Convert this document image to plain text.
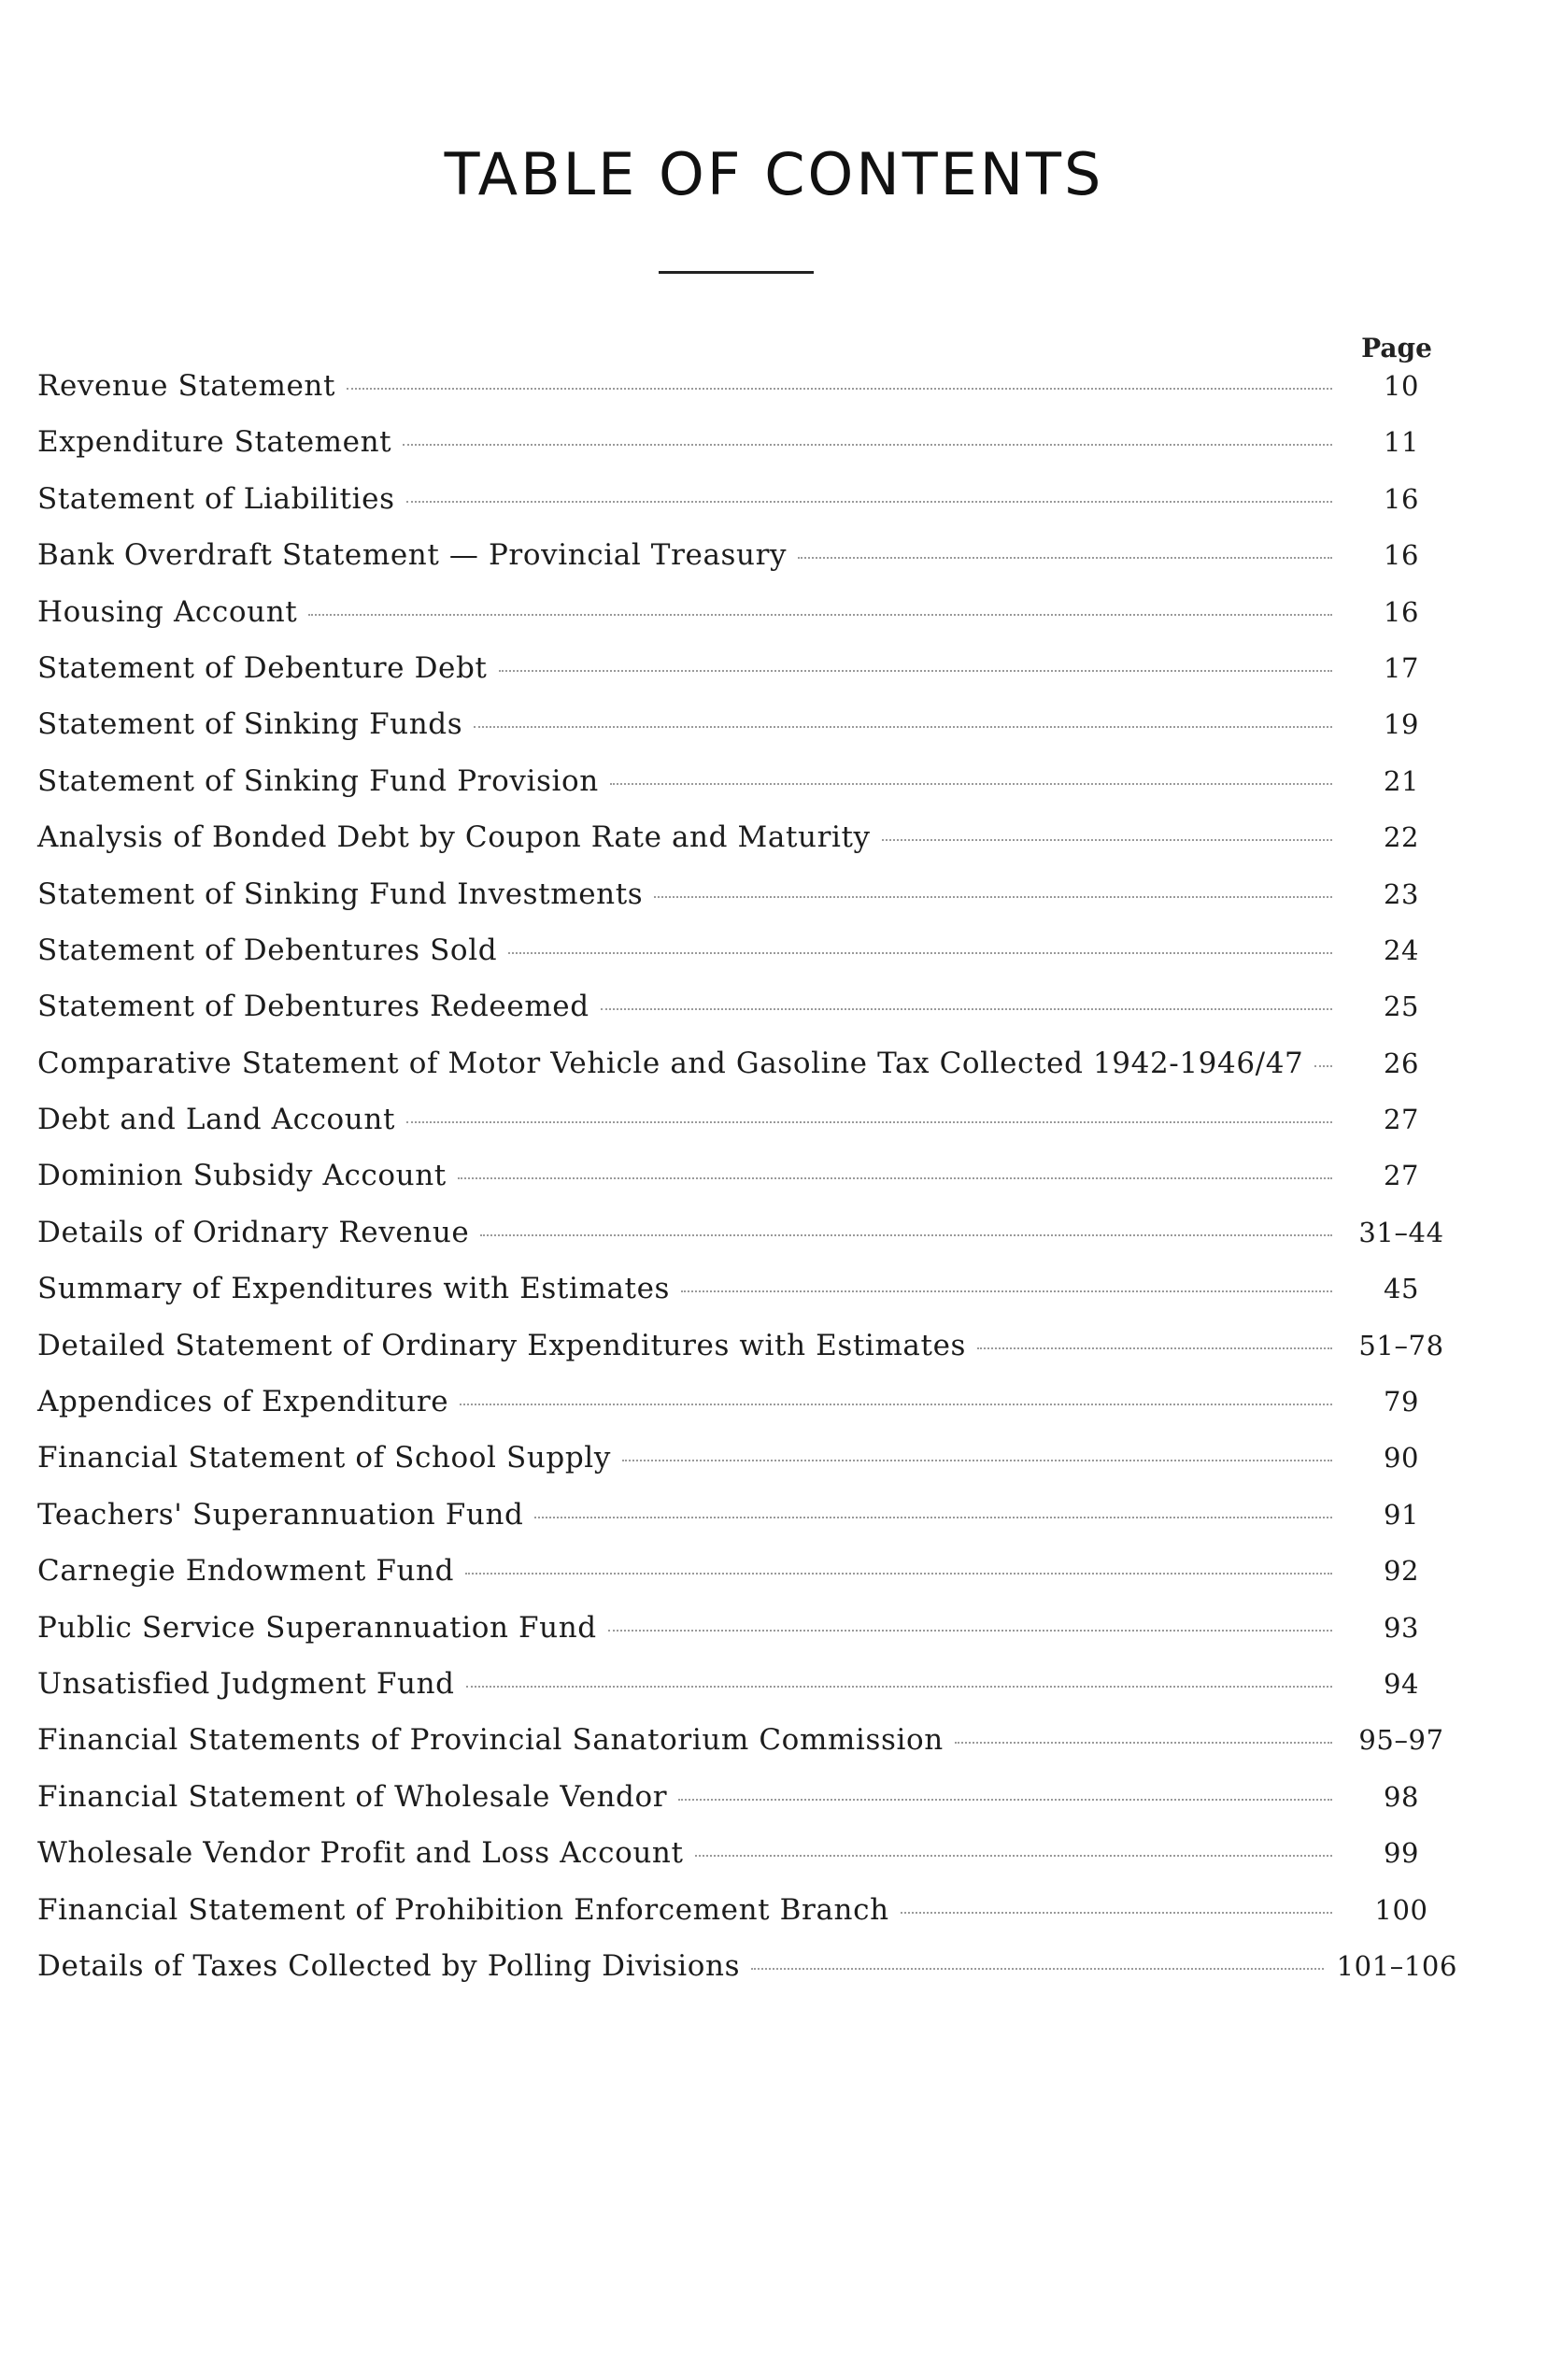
TABLE OF CONTENTS
Page
Revenue Statement	10
Expenditure Statement	11
Statement of Liabilities	16
Bank Overdraft Statement — Provincial Treasury	16
Housing Account	16
Statement of Debenture Debt	17
Statement of Sinking Funds	19
Statement of Sinking Fund Provision	21
Analysis of Bonded Debt by Coupon Rate and Maturity	22
Statement of Sinking Fund Investments	23
Statement of Debentures Sold	24
Statement of Debentures Redeemed	25
Comparative Statement of Motor Vehicle and Gasoline Tax Collected 1942-1946/47	26
Debt and Land Account	27
Dominion Subsidy Account	27
Details of Oridnary Revenue	31–44
Summary of Expenditures with Estimates	45
Detailed Statement of Ordinary Expenditures with Estimates	51–78
Appendices of Expenditure	79
Financial Statement of School Supply	90
Teachers' Superannuation Fund	91
Carnegie Endowment Fund	92
Public Service Superannuation Fund	93
Unsatisfied Judgment Fund	94
Financial Statements of Provincial Sanatorium Commission	95–97
Financial Statement of Wholesale Vendor	98
Wholesale Vendor Profit and Loss Account	99
Financial Statement of Prohibition Enforcement Branch	100
Details of Taxes Collected by Polling Divisions	101–106
